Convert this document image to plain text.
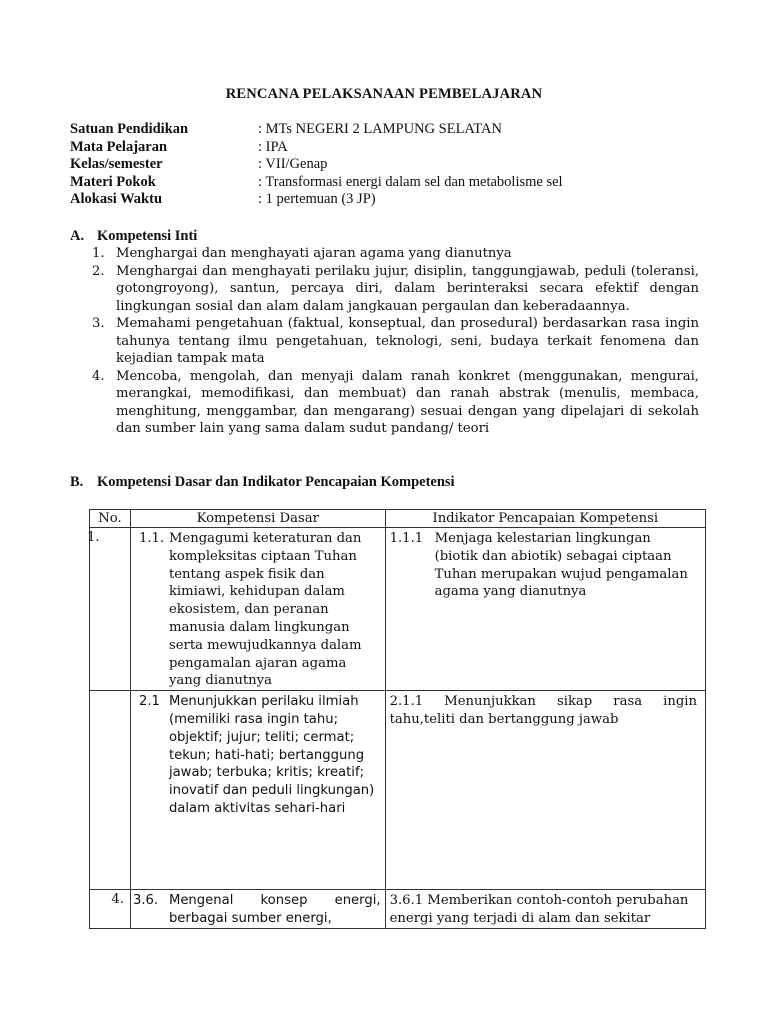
RENCANA PELAKSANAAN PEMBELAJARAN
Satuan Pendidikan	: MTs NEGERI 2 LAMPUNG SELATAN
Mata Pelajaran	: IPA
Kelas/semester	: VII/Genap
Materi Pokok	: Transformasi energi dalam sel dan metabolisme sel
Alokasi Waktu	: 1 pertemuan (3 JP)
A. Kompetensi Inti
1. Menghargai dan menghayati ajaran agama yang dianutnya
2. Menghargai dan menghayati perilaku jujur, disiplin, tanggungjawab, peduli (toleransi, gotongroyong), santun, percaya diri, dalam berinteraksi secara efektif dengan lingkungan sosial dan alam dalam jangkauan pergaulan dan keberadaannya.
3. Memahami pengetahuan (faktual, konseptual, dan prosedural) berdasarkan rasa ingin tahunya tentang ilmu pengetahuan, teknologi, seni, budaya terkait fenomena dan kejadian tampak mata
4. Mencoba, mengolah, dan menyaji dalam ranah konkret (menggunakan, mengurai, merangkai, memodifikasi, dan membuat) dan ranah abstrak (menulis, membaca, menghitung, menggambar, dan mengarang) sesuai dengan yang dipelajari di sekolah dan sumber lain yang sama dalam sudut pandang/ teori
B. Kompetensi Dasar dan Indikator Pencapaian Kompetensi
No.	Kompetensi Dasar	Indikator Pencapaian Kompetensi
1.	1.1. Mengagumi keteraturan dan kompleksitas ciptaan Tuhan tentang aspek fisik dan kimiawi, kehidupan dalam ekosistem, dan peranan manusia dalam lingkungan serta mewujudkannya dalam pengamalan ajaran agama yang dianutnya	1.1.1 Menjaga kelestarian lingkungan (biotik dan abiotik) sebagai ciptaan Tuhan merupakan wujud pengamalan agama yang dianutnya

	2.1 Menunjukkan perilaku ilmiah (memiliki rasa ingin tahu; objektif; jujur; teliti; cermat; tekun; hati-hati; bertanggung jawab; terbuka; kritis; kreatif; inovatif dan peduli lingkungan) dalam aktivitas sehari-hari	2.1.1 Menunjukkan sikap rasa ingin tahu,teliti dan bertanggung jawab

4.	3.6. Mengenal konsep energi, berbagai sumber energi,	3.6.1 Memberikan contoh-contoh perubahan energi yang terjadi di alam dan sekitar
